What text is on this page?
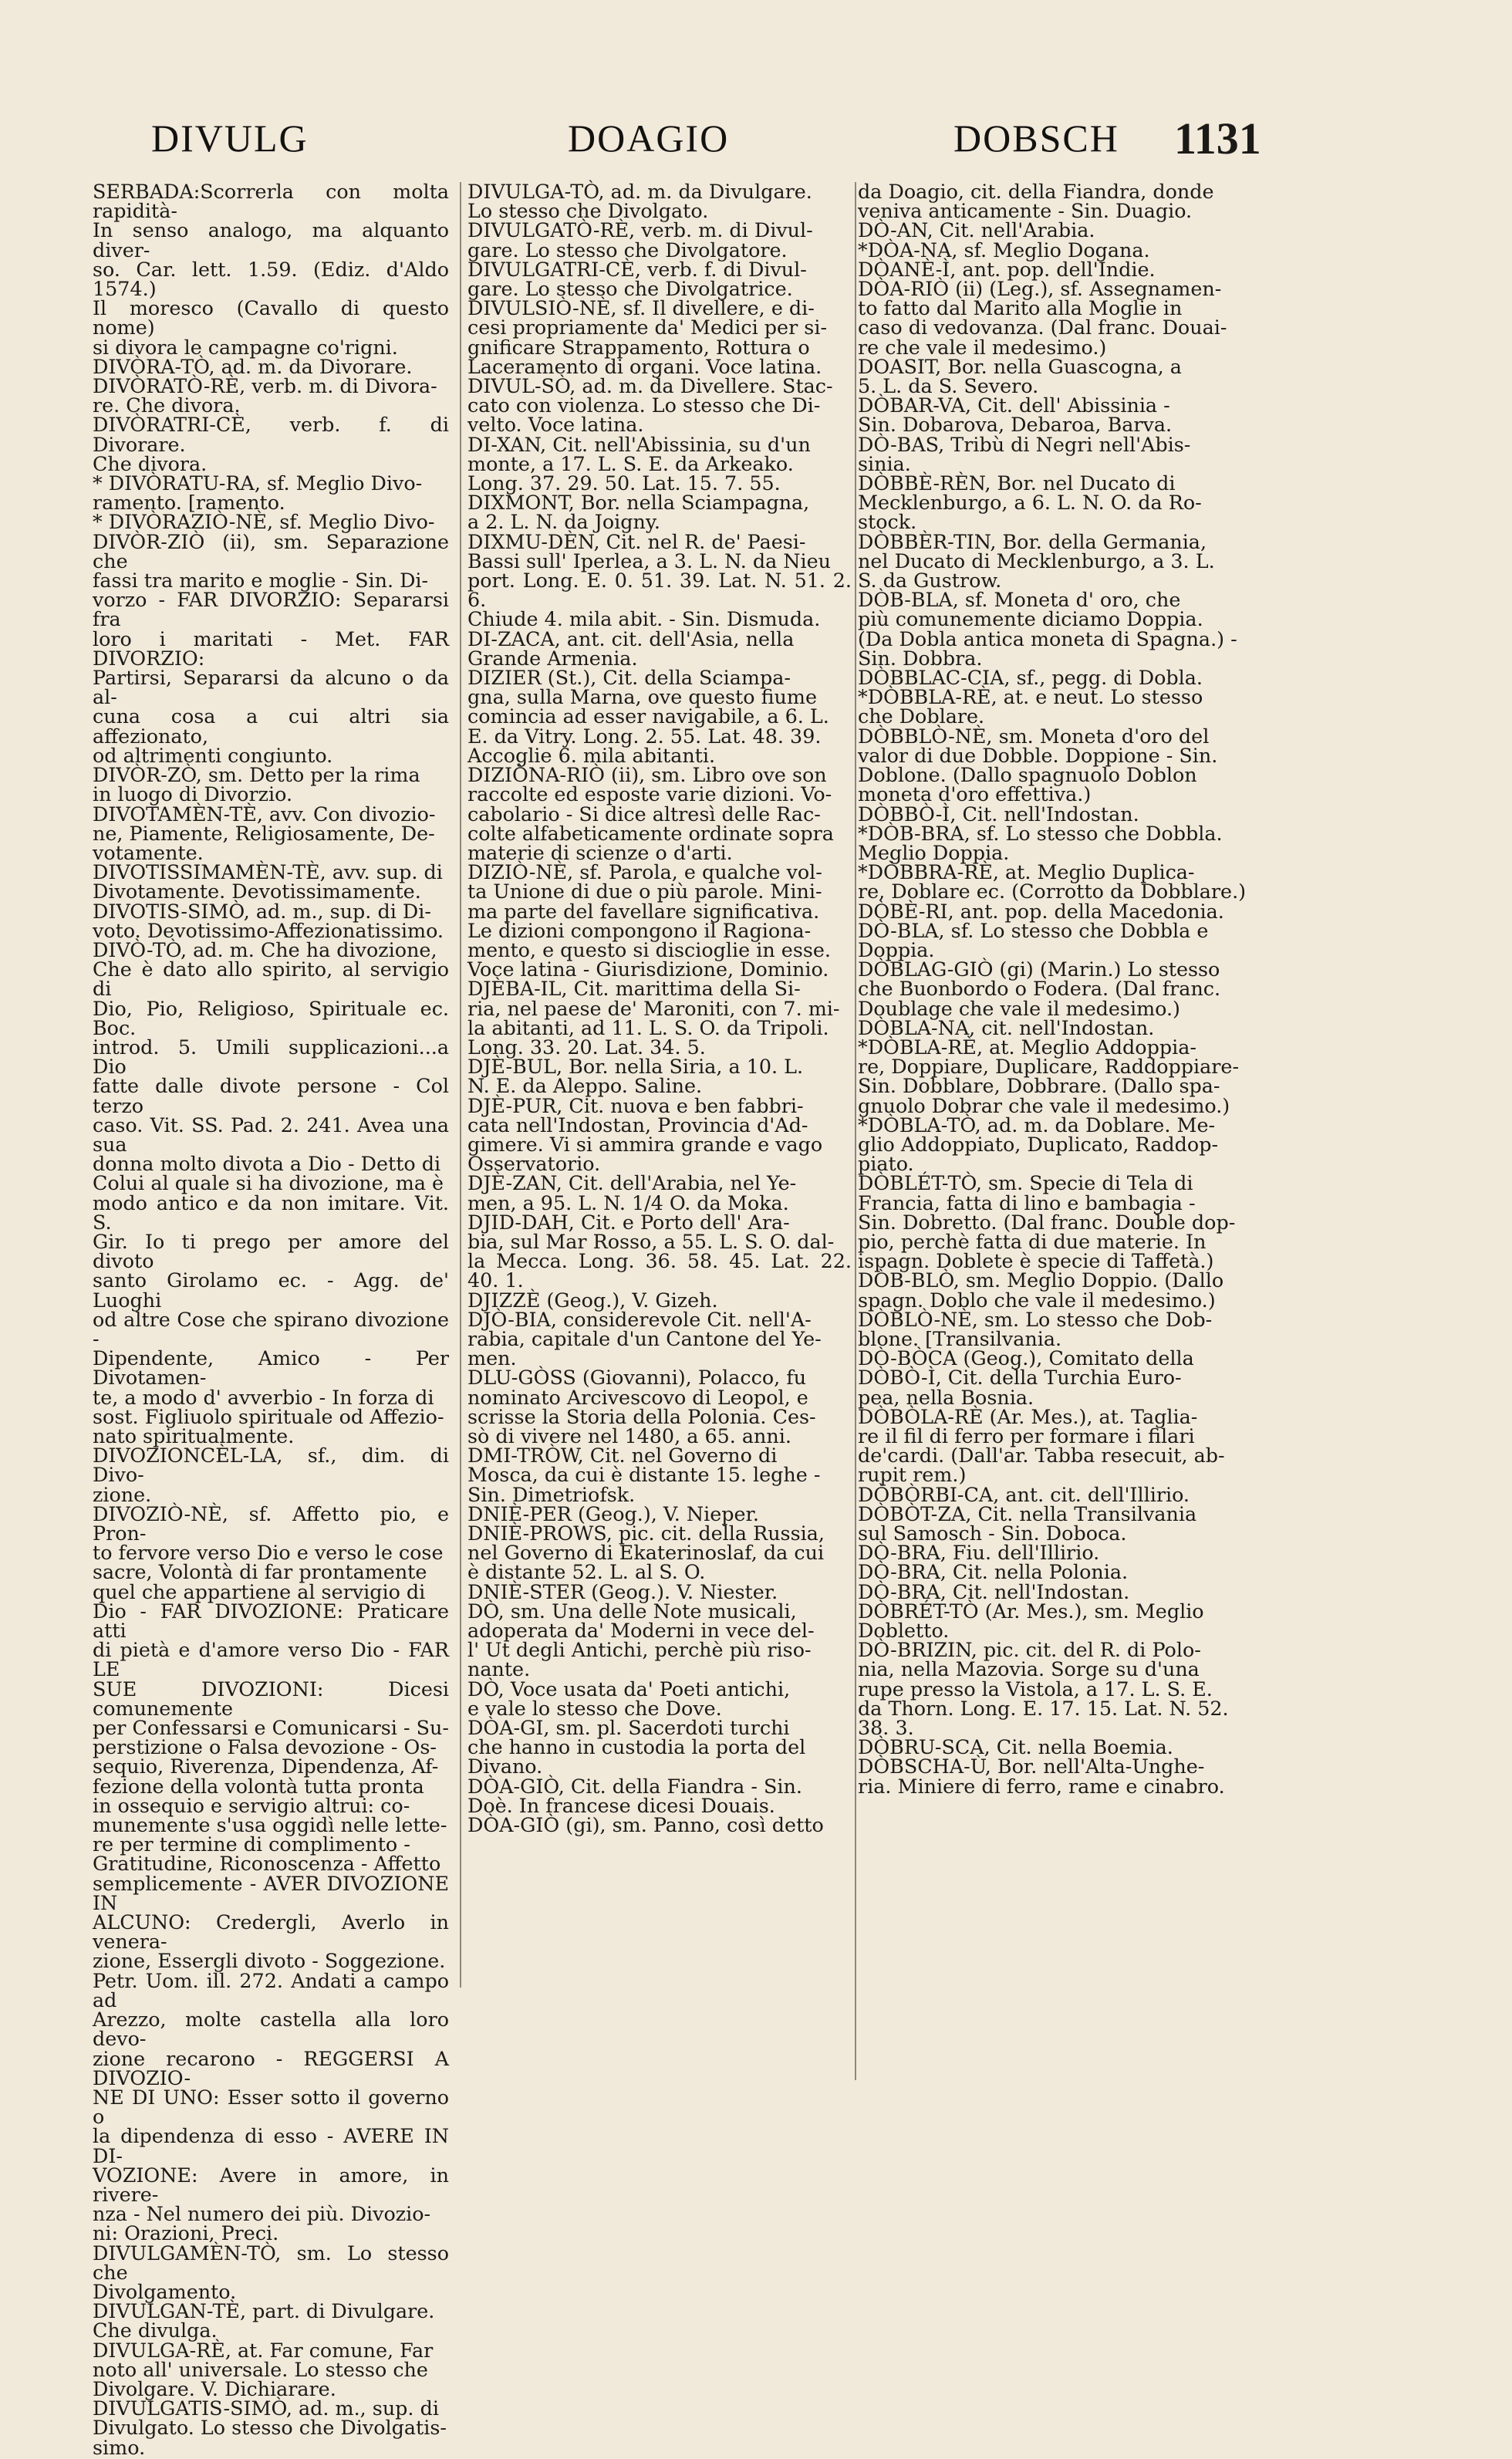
DIVULG	DOAGIO	DOBSCH 1131

SERBADA:Scorrerla con molta rapidità-
In senso analogo, ma alquanto diver-
so. Car. lett. 1.59. (Ediz. d'Aldo 1574.)
Il moresco (Cavallo di questo nome)
si divora le campagne co'rigni.

DIVÒRA-TÒ, ad. m. da Divorare.

DIVÒRATÒ-RÈ, verb. m. di Divora-
re. Che divora.

DIVÒRATRI-CÈ, verb. f. di Divorare.
Che divora.

* DIVÒRATU-RA, sf. Meglio Divo-
ramento. [ramento.

* DIVÒRAZIÒ-NÈ, sf. Meglio Divo-

DIVÒR-ZIÒ (ii), sm. Separazione che
fassi tra marito e moglie - Sin. Di-
vorzo - FAR DIVORZIO: Separarsi fra
loro i maritati - Met. FAR DIVORZIO:
Partirsi, Separarsi da alcuno o da al-
cuna cosa a cui altri sia affezionato,
od altrimenti congiunto.

DIVÒR-ZÒ, sm. Detto per la rima
in luogo di Divorzio.

DIVOTAMÈN-TÈ, avv. Con divozio-
ne, Piamente, Religiosamente, De-
votamente.

DIVOTISSIMAMÈN-TÈ, avv. sup. di
Divotamente. Devotissimamente.

DIVOTIS-SIMÒ, ad. m., sup. di Di-
voto. Devotissimo-Affezionatissimo.

DIVÒ-TÒ, ad. m. Che ha divozione,
Che è dato allo spirito, al servigio di
Dio, Pio, Religioso, Spirituale ec. Boc.
introd. 5. Umili supplicazioni...a Dio
fatte dalle divote persone - Col terzo
caso. Vit. SS. Pad. 2. 241. Avea una sua
donna molto divota a Dio - Detto di
Colui al quale si ha divozione, ma è
modo antico e da non imitare. Vit. S.
Gir. Io ti prego per amore del divoto
santo Girolamo ec. - Agg. de' Luoghi
od altre Cose che spirano divozione -
Dipendente, Amico - Per Divotamen-
te, a modo d' avverbio - In forza di
sost. Figliuolo spirituale od Affezio-
nato spiritualmente.

DIVOZIONCÈL-LA, sf., dim. di Divo-
zione.

DIVOZIÒ-NÈ, sf. Affetto pio, e Pron-
to fervore verso Dio e verso le cose
sacre, Volontà di far prontamente
quel che appartiene al servigio di
Dio - FAR DIVOZIONE: Praticare atti
di pietà e d'amore verso Dio - FAR LE
SUE DIVOZIONI: Dicesi comunemente
per Confessarsi e Comunicarsi - Su-
perstizione o Falsa devozione - Os-
sequio, Riverenza, Dipendenza, Af-
fezione della volontà tutta pronta
in ossequio e servigio altrui: co-
munemente s'usa oggidì nelle lette-
re per termine di complimento -
Gratitudine, Riconoscenza - Affetto
semplicemente - AVER DIVOZIONE IN
ALCUNO: Credergli, Averlo in venera-
zione, Essergli divoto - Soggezione.
Petr. Uom. ill. 272. Andati a campo ad
Arezzo, molte castella alla loro devo-
zione recarono - REGGERSI A DIVOZIO-
NE DI UNO: Esser sotto il governo o
la dipendenza di esso - AVERE IN DI-
VOZIONE: Avere in amore, in rivere-
nza - Nel numero dei più. Divozio-
ni: Orazioni, Preci.

DIVULGAMÈN-TÒ, sm. Lo stesso che
Divolgamento.

DIVULGAN-TÈ, part. di Divulgare.
Che divulga.

DIVULGA-RÈ, at. Far comune, Far
noto all' universale. Lo stesso che
Divolgare. V. Dichiarare.

DIVULGATIS-SIMÒ, ad. m., sup. di
Divulgato. Lo stesso che Divolgatis-
simo.

DIVULGA-TÒ, ad. m. da Divulgare.
Lo stesso che Divolgato.

DIVULGATÒ-RÈ, verb. m. di Divul-
gare. Lo stesso che Divolgatore.

DIVULGATRI-CÈ, verb. f. di Divul-
gare. Lo stesso che Divolgatrice.

DIVULSIÒ-NÈ, sf. Il divellere, e di-
cesi propriamente da' Medici per si-
gnificare Strappamento, Rottura o
Laceramento di organi. Voce latina.

DIVUL-SÒ, ad. m. da Divellere. Stac-
cato con violenza. Lo stesso che Di-
velto. Voce latina.

DI-XAN, Cit. nell'Abissinia, su d'un
monte, a 17. L. S. E. da Arkeako.
Long. 37. 29. 50. Lat. 15. 7. 55.

DIXMONT, Bor. nella Sciampagna,
a 2. L. N. da Joigny.

DIXMU-DÈN, Cit. nel R. de' Paesi-
Bassi sull' Iperlea, a 3. L. N. da Nieu
port. Long. E. 0. 51. 39. Lat. N. 51. 2. 6.
Chiude 4. mila abit. - Sin. Dismuda.

DI-ZACA, ant. cit. dell'Asia, nella
Grande Armenia.

DIZIER (St.), Cit. della Sciampa-
gna, sulla Marna, ove questo fiume
comincia ad esser navigabile, a 6. L.
E. da Vitry. Long. 2. 55. Lat. 48. 39.
Accoglie 6. mila abitanti.

DIZIÒNA-RIÒ (ii), sm. Libro ove son
raccolte ed esposte varie dizioni. Vo-
cabolario - Si dice altresì delle Rac-
colte alfabeticamente ordinate sopra
materie di scienze o d'arti.

DIZIÒ-NÈ, sf. Parola, e qualche vol-
ta Unione di due o più parole. Mini-
ma parte del favellare significativa.
Le dizioni compongono il Ragiona-
mento, e questo si discioglie in esse.
Voce latina - Giurisdizione, Dominio.

DJÈBA-IL, Cit. marittima della Si-
ria, nel paese de' Maroniti, con 7. mi-
la abitanti, ad 11. L. S. O. da Tripoli.
Long. 33. 20. Lat. 34. 5.

DJÈ-BUL, Bor. nella Siria, a 10. L.
N. E. da Aleppo. Saline.

DJÈ-PUR, Cit. nuova e ben fabbri-
cata nell'Indostan, Provincia d'Ad-
gimere. Vi si ammira grande e vago
Osservatorio.

DJÈ-ZAN, Cit. dell'Arabia, nel Ye-
men, a 95. L. N. 1/4 O. da Moka.

DJID-DAH, Cit. e Porto dell' Ara-
bia, sul Mar Rosso, a 55. L. S. O. dal-
la Mecca. Long. 36. 58. 45. Lat. 22. 40. 1.

DJIZZÈ (Geog.), V. Gizeh.

DJÒ-BIA, considerevole Cit. nell'A-
rabia, capitale d'un Cantone del Ye-
men.

DLU-GÒSS (Giovanni), Polacco, fu
nominato Arcivescovo di Leopol, e
scrisse la Storia della Polonia. Ces-
sò di vivere nel 1480, a 65. anni.

DMI-TRÒW, Cit. nel Governo di
Mosca, da cui è distante 15. leghe -
Sin. Dimetriofsk.

DNIÈ-PER (Geog.), V. Nieper.

DNIÈ-PROWS, pic. cit. della Russia,
nel Governo di Ekaterinoslaf, da cui
è distante 52. L. al S. O.

DNIÈ-STER (Geog.). V. Niester.

DÒ, sm. Una delle Note musicali,
adoperata da' Moderni in vece del-
l' Ut degli Antichi, perchè più riso-
nante.

DÒ, Voce usata da' Poeti antichi,
e vale lo stesso che Dove.

DÒA-GI, sm. pl. Sacerdoti turchi
che hanno in custodia la porta del
Divano.

DÒA-GIÒ, Cit. della Fiandra - Sin.
Doè. In francese dicesi Douais.

DÒA-GIÒ (gi), sm. Panno, così detto

da Doagio, cit. della Fiandra, donde
veniva anticamente - Sin. Duagio.

DÒ-AN, Cit. nell'Arabia.

*DÒA-NA, sf. Meglio Dogana.

DÒANÈ-Ì, ant. pop. dell'Indie.

DÒA-RIÒ (ii) (Leg.), sf. Assegnamen-
to fatto dal Marito alla Moglie in
caso di vedovanza. (Dal franc. Douai-
re che vale il medesimo.)

DOASIT, Bor. nella Guascogna, a
5. L. da S. Severo.

DÒBAR-VA, Cit. dell' Abissinia -
Sin. Dobarova, Debaroa, Barva.

DÒ-BAS, Tribù di Negri nell'Abis-
sinia.

DÒBBÈ-RÈN, Bor. nel Ducato di
Mecklenburgo, a 6. L. N. O. da Ro-
stock.

DÒBBÈR-TIN, Bor. della Germania,
nel Ducato di Mecklenburgo, a 3. L.
S. da Gustrow.

DÒB-BLA, sf. Moneta d' oro, che
più comunemente diciamo Doppia.
(Da Dobla antica moneta di Spagna.) -
Sin. Dobbra.

DÒBBLAC-CIA, sf., pegg. di Dobla.

*DÒBBLA-RÈ, at. e neut. Lo stesso
che Doblare.

DÒBBLÒ-NÈ, sm. Moneta d'oro del
valor di due Dobble. Doppione - Sin.
Doblone. (Dallo spagnuolo Doblon
moneta d'oro effettiva.)

DÒBBÒ-Ì, Cit. nell'Indostan.

*DÒB-BRA, sf. Lo stesso che Dobbla.
Meglio Doppia.

*DÒBBRA-RÈ, at. Meglio Duplica-
re, Doblare ec. (Corrotto da Dobblare.)

DÒBÈ-RI, ant. pop. della Macedonia.

DÒ-BLA, sf. Lo stesso che Dobbla e
Doppia.

DÒBLAG-GIÒ (gi) (Marin.) Lo stesso
che Buonbordo o Fodera. (Dal franc.
Doublage che vale il medesimo.)

DÒBLA-NA, cit. nell'Indostan.

*DÒBLA-RÈ, at. Meglio Addoppia-
re, Doppiare, Duplicare, Raddoppiare-
Sin. Dobblare, Dobbrare. (Dallo spa-
gnuolo Dobrar che vale il medesimo.)

*DÒBLA-TÒ, ad. m. da Doblare. Me-
glio Addoppiato, Duplicato, Raddop-
piato.

DÒBLÉT-TÒ, sm. Specie di Tela di
Francia, fatta di lino e bambagia -
Sin. Dobretto. (Dal franc. Double dop-
pio, perchè fatta di due materie. In
ispagn. Doblete è specie di Taffetà.)

DÒB-BLÒ, sm. Meglio Doppio. (Dallo
spagn. Doblo che vale il medesimo.)

DÒBLÒ-NÈ, sm. Lo stesso che Dob-
blone. [Transilvania.

DÒ-BÒCA (Geog.), Comitato della

DÒBÒ-Ì, Cit. della Turchia Euro-
pea, nella Bosnia.

DÒBÒLA-RÈ (Ar. Mes.), at. Taglia-
re il fil di ferro per formare i filari
de'cardi. (Dall'ar. Tabba resecuit, ab-
rupit rem.)

DÒBÒRBI-CA, ant. cit. dell'Illirio.

DÒBÒT-ZA, Cit. nella Transilvania
sul Samosch - Sin. Doboca.

DÒ-BRA, Fiu. dell'Illirio.

DÒ-BRA, Cit. nella Polonia.

DÒ-BRA, Cit. nell'Indostan.

DÒBRÉT-TÒ (Ar. Mes.), sm. Meglio
Dobletto.

DÒ-BRIZIN, pic. cit. del R. di Polo-
nia, nella Mazovia. Sorge su d'una
rupe presso la Vistola, a 17. L. S. E.
da Thorn. Long. E. 17. 15. Lat. N. 52.
38. 3.

DÒBRU-SCA, Cit. nella Boemia.

DÒBSCHA-Ù, Bor. nell'Alta-Unghe-
ria. Miniere di ferro, rame e cinabro.
